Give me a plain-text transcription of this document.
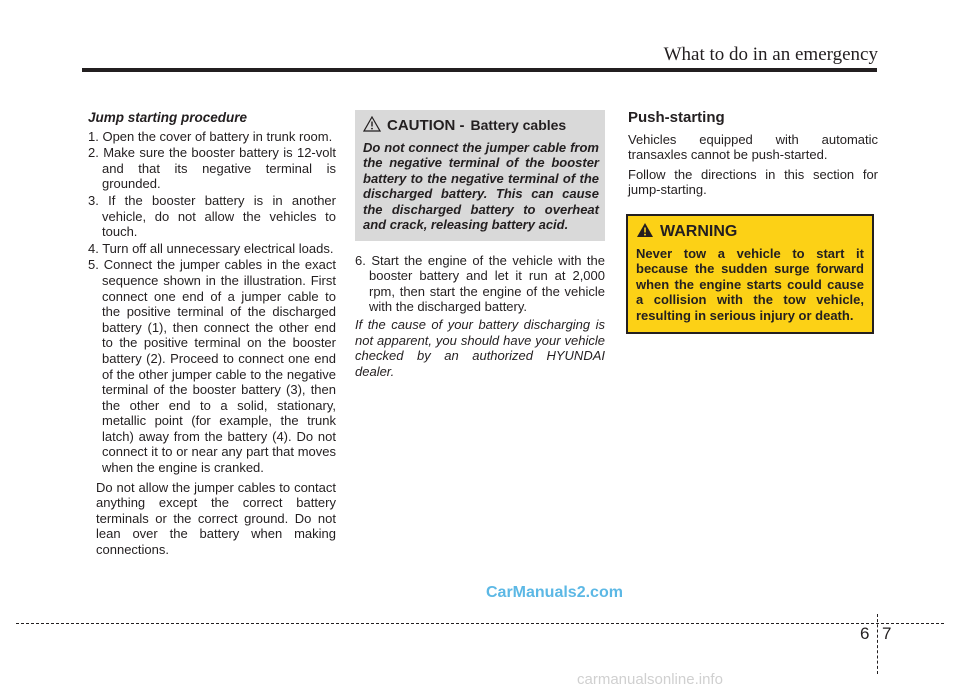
What to do in an emergency
Jump starting procedure
1. Open the cover of battery in trunk room.
2. Make sure the booster battery is 12-volt and that its negative terminal is grounded.
3. If the booster battery is in another vehicle, do not allow the vehicles to touch.
4. Turn off all unnecessary electrical loads.
5. Connect the jumper cables in the exact sequence shown in the illustration. First connect one end of a jumper cable to the positive terminal of the discharged battery (1), then connect the other end to the positive terminal on the booster battery (2). Proceed to connect one end of the other jumper cable to the negative terminal of the booster battery (3), then the other end to a solid, stationary, metallic point (for example, the trunk latch) away from the battery (4). Do not connect it to or near any part that moves when the engine is cranked.
Do not allow the jumper cables to contact anything except the correct battery terminals or the correct ground. Do not lean over the battery when making connections.
CAUTION - Battery cables
Do not connect the jumper cable from the negative terminal of the booster battery to the negative terminal of the discharged battery. This can cause the discharged battery to overheat and crack, releasing battery acid.
6. Start the engine of the vehicle with the booster battery and let it run at 2,000 rpm, then start the engine of the vehicle with the discharged battery.
If the cause of your battery discharging is not apparent, you should have your vehicle checked by an authorized HYUNDAI dealer.
Push-starting
Vehicles equipped with automatic transaxles cannot be push-started.
Follow the directions in this section for jump-starting.
WARNING
Never tow a vehicle to start it because the sudden surge forward when the engine starts could cause a collision with the tow vehicle, resulting in serious injury or death.
CarManuals2.com
6 7
carmanualsonline.info
